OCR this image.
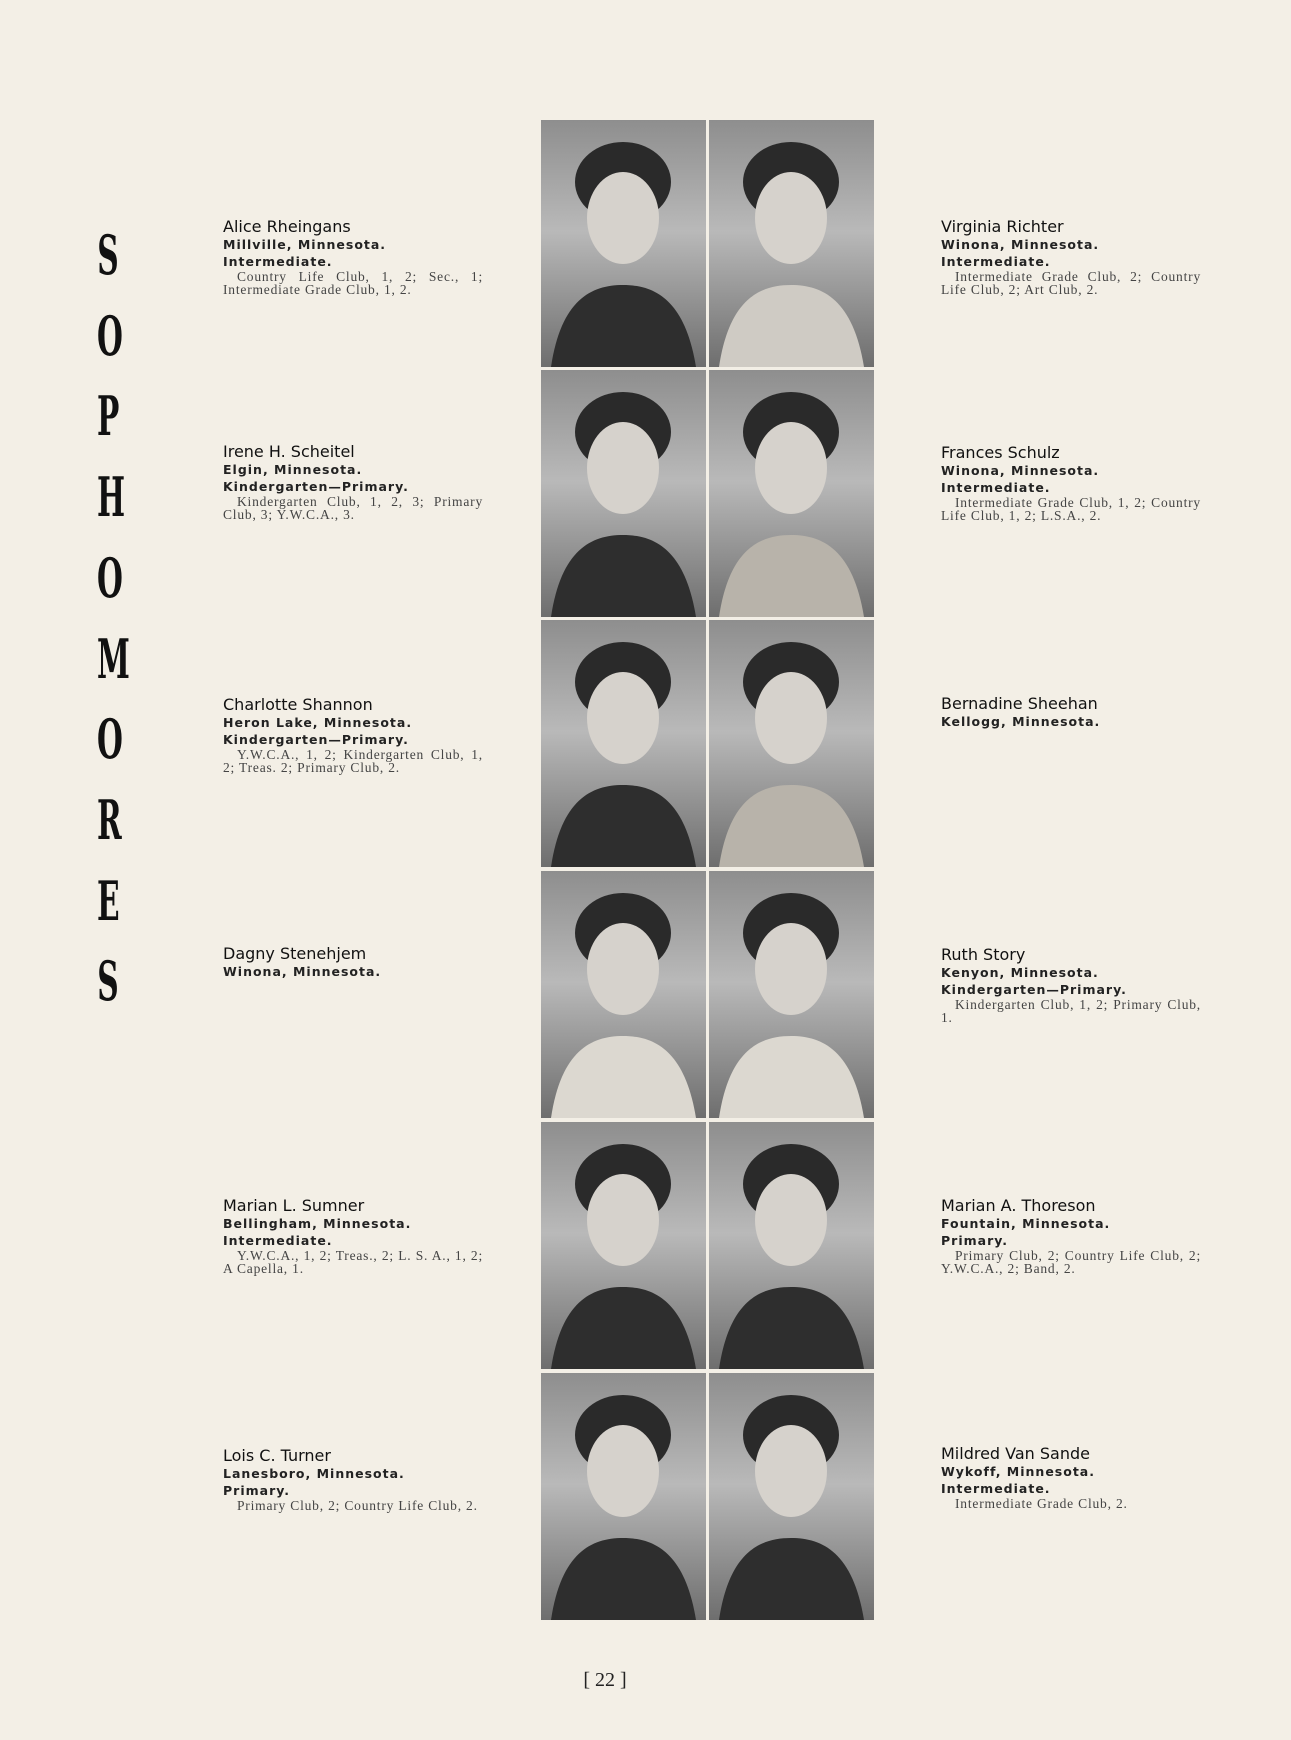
S
O
P
H
O
M
O
R
E
S
Alice Rheingans
Millville, Minnesota.
Intermediate.
Country Life Club, 1, 2; Sec., 1; Intermediate Grade Club, 1, 2.
Irene H. Scheitel
Elgin, Minnesota.
Kindergarten—Primary.
Kindergarten Club, 1, 2, 3; Primary Club, 3; Y.W.C.A., 3.
Charlotte Shannon
Heron Lake, Minnesota.
Kindergarten—Primary.
Y.W.C.A., 1, 2; Kindergarten Club, 1, 2; Treas. 2; Primary Club, 2.
Dagny Stenehjem
Winona, Minnesota.
Marian L. Sumner
Bellingham, Minnesota.
Intermediate.
Y.W.C.A., 1, 2; Treas., 2; L. S. A., 1, 2; A Capella, 1.
Lois C. Turner
Lanesboro, Minnesota.
Primary.
Primary Club, 2; Country Life Club, 2.
Virginia Richter
Winona, Minnesota.
Intermediate.
Intermediate Grade Club, 2; Country Life Club, 2; Art Club, 2.
Frances Schulz
Winona, Minnesota.
Intermediate.
Intermediate Grade Club, 1, 2; Country Life Club, 1, 2; L.S.A., 2.
Bernadine Sheehan
Kellogg, Minnesota.
Ruth Story
Kenyon, Minnesota.
Kindergarten—Primary.
Kindergarten Club, 1, 2; Primary Club, 1.
Marian A. Thoreson
Fountain, Minnesota.
Primary.
Primary Club, 2; Country Life Club, 2; Y.W.C.A., 2; Band, 2.
Mildred Van Sande
Wykoff, Minnesota.
Intermediate.
Intermediate Grade Club, 2.
[ 22 ]
